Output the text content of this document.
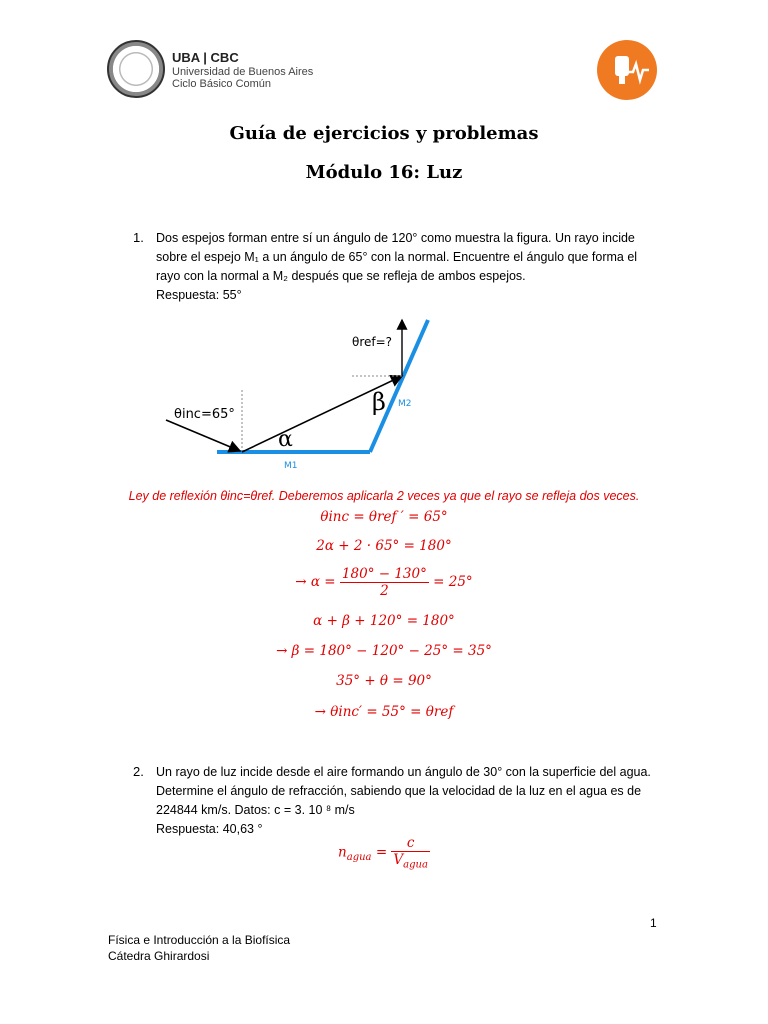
UBA | CBC
Universidad de Buenos Aires
Ciclo Básico Común
Guía de ejercicios y problemas
Módulo 16: Luz
1. Dos espejos forman entre sí un ángulo de 120° como muestra la figura. Un rayo incide
sobre el espejo M₁ a un ángulo de 65° con la normal. Encuentre el ángulo que forma el
rayo con la normal a M₂ después que se refleja de ambos espejos.
Respuesta: 55°
θref=?
θinc=65°
α
β
M1
M2
Ley de reflexión θinc=θref. Deberemos aplicarla 2 veces ya que el rayo se refleja dos veces.
θinc = θref ′ = 65°
2α + 2 · 65° = 180°
→ $\alpha = \frac{180^\circ - 130^\circ}{2} = 25^\circ$
α + β + 120° = 180°
→ β = 180° − 120° − 25° = 35°
35° + θ = 90°
→ θinc′ = 55° = θref
2. Un rayo de luz incide desde el aire formando un ángulo de 30° con la superficie del agua.
Determine el ángulo de refracción, sabiendo que la velocidad de la luz en el agua es de
224844 km/s. Datos: c = 3. 10 ⁸ m/s
Respuesta: 40,63 °
$n_{agua} = \frac{c}{V_{agua}}$
1
Física e Introducción a la Biofísica
Cátedra Ghirardosi
